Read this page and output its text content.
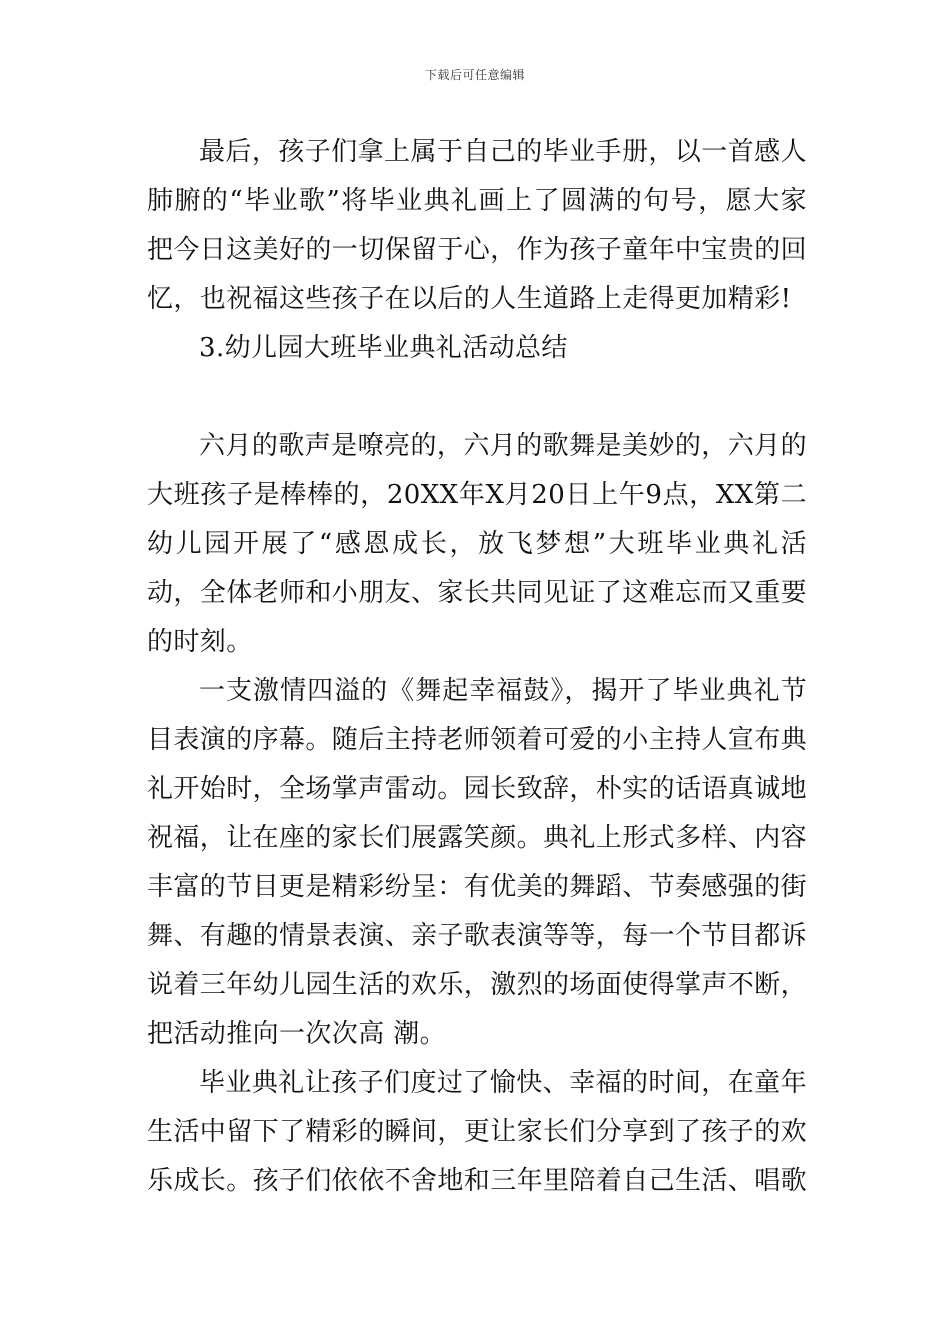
下载后可任意编辑

最后，孩子们拿上属于自己的毕业手册，以一首感人肺腑的“毕业歌”将毕业典礼画上了圆满的句号，愿大家把今日这美好的一切保留于心，作为孩子童年中宝贵的回忆，也祝福这些孩子在以后的人生道路上走得更加精彩!

3.幼儿园大班毕业典礼活动总结

六月的歌声是嘹亮的，六月的歌舞是美妙的，六月的大班孩子是棒棒的，20XX年X月20日上午9点，XX第二幼儿园开展了“感恩成长，放飞梦想”大班毕业典礼活动，全体老师和小朋友、家长共同见证了这难忘而又重要的时刻。

一支激情四溢的《舞起幸福鼓》，揭开了毕业典礼节目表演的序幕。随后主持老师领着可爱的小主持人宣布典礼开始时，全场掌声雷动。园长致辞，朴实的话语真诚地祝福，让在座的家长们展露笑颜。典礼上形式多样、内容丰富的节目更是精彩纷呈：有优美的舞蹈、节奏感强的街舞、有趣的情景表演、亲子歌表演等等，每一个节目都诉说着三年幼儿园生活的欢乐，激烈的场面使得掌声不断，把活动推向一次次高 潮。

毕业典礼让孩子们度过了愉快、幸福的时间，在童年生活中留下了精彩的瞬间，更让家长们分享到了孩子的欢乐成长。孩子们依依不舍地和三年里陪着自己生活、唱歌
